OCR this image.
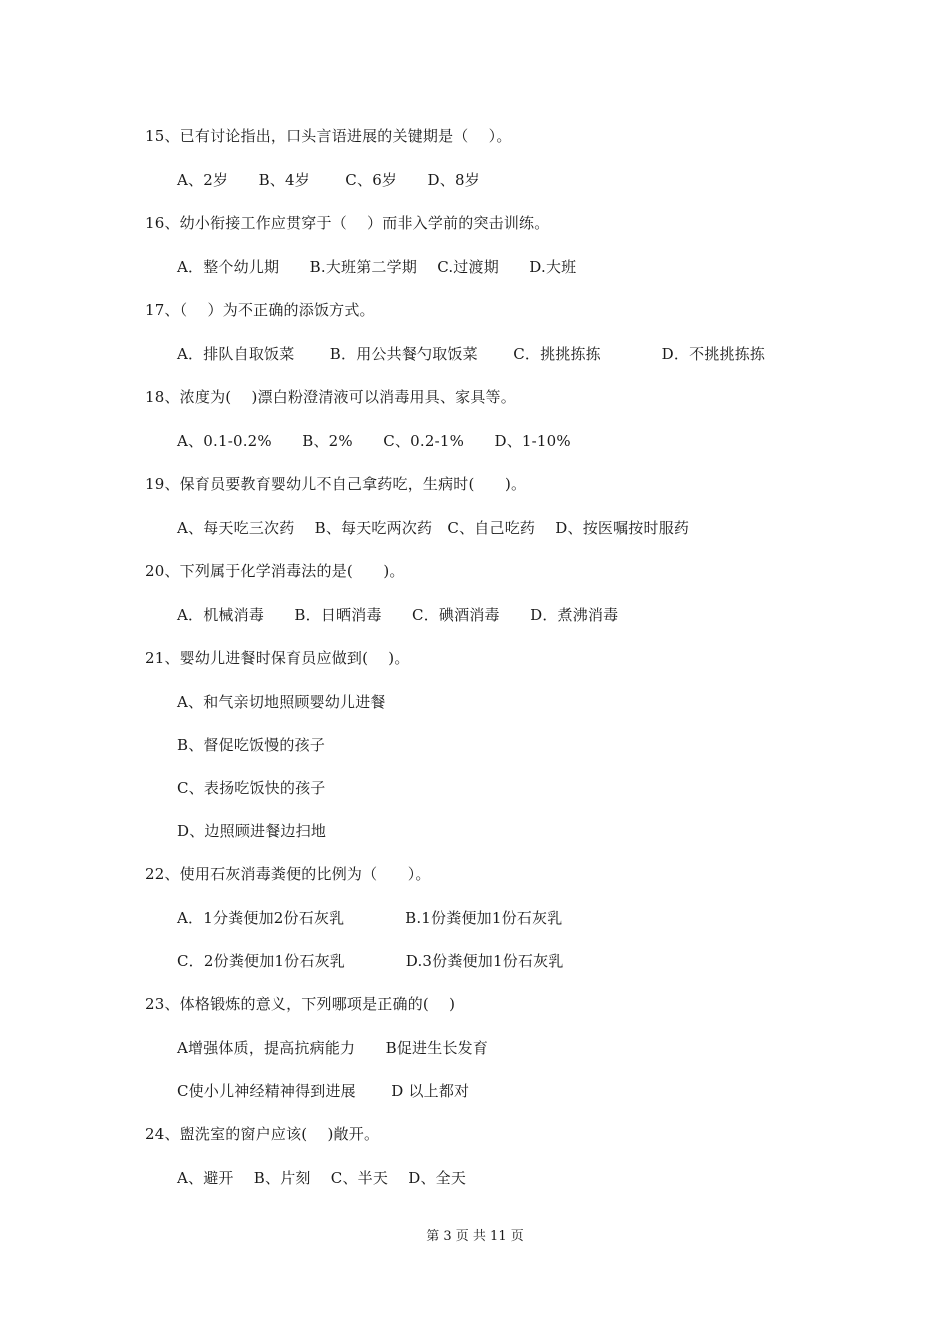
15、已有讨论指出，口头言语进展的关键期是（　 ）。
A、2岁　　B、4岁　　 C、6岁　　D、8岁
16、幼小衔接工作应贯穿于（　 ）而非入学前的突击训练。
A．整个幼儿期　　B.大班第二学期　 C.过渡期　　D.大班
17、（　 ）为不正确的添饭方式。
A．排队自取饭菜　　 B．用公共餐勺取饭菜　　 C．挑挑拣拣　　　　D．不挑挑拣拣
18、浓度为(　 )漂白粉澄清液可以消毒用具、家具等。
A、0.1-0.2%　　B、2%　　C、0.2-1%　　D、1-10%
19、保育员要教育婴幼儿不自己拿药吃，生病时(　　)。
A、每天吃三次药　 B、每天吃两次药　C、自己吃药　 D、按医嘱按时服药
20、下列属于化学消毒法的是(　　)。
A．机械消毒　　B．日晒消毒　　C．碘酒消毒　　D．煮沸消毒
21、婴幼儿进餐时保育员应做到(　 )。
A、和气亲切地照顾婴幼儿进餐
B、督促吃饭慢的孩子
C、表扬吃饭快的孩子
D、边照顾进餐边扫地
22、使用石灰消毒粪便的比例为（　　）。
A．1分粪便加2份石灰乳　　　　B.1份粪便加1份石灰乳
C．2份粪便加1份石灰乳　　　　D.3份粪便加1份石灰乳
23、体格锻炼的意义，下列哪项是正确的(　 )
A增强体质，提高抗病能力　　B促进生长发育
C使小儿神经精神得到进展　　 D 以上都对
24、盥洗室的窗户应该(　 )敞开。
A、避开　 B、片刻　 C、半天　 D、全天
第 3 页 共 11 页
